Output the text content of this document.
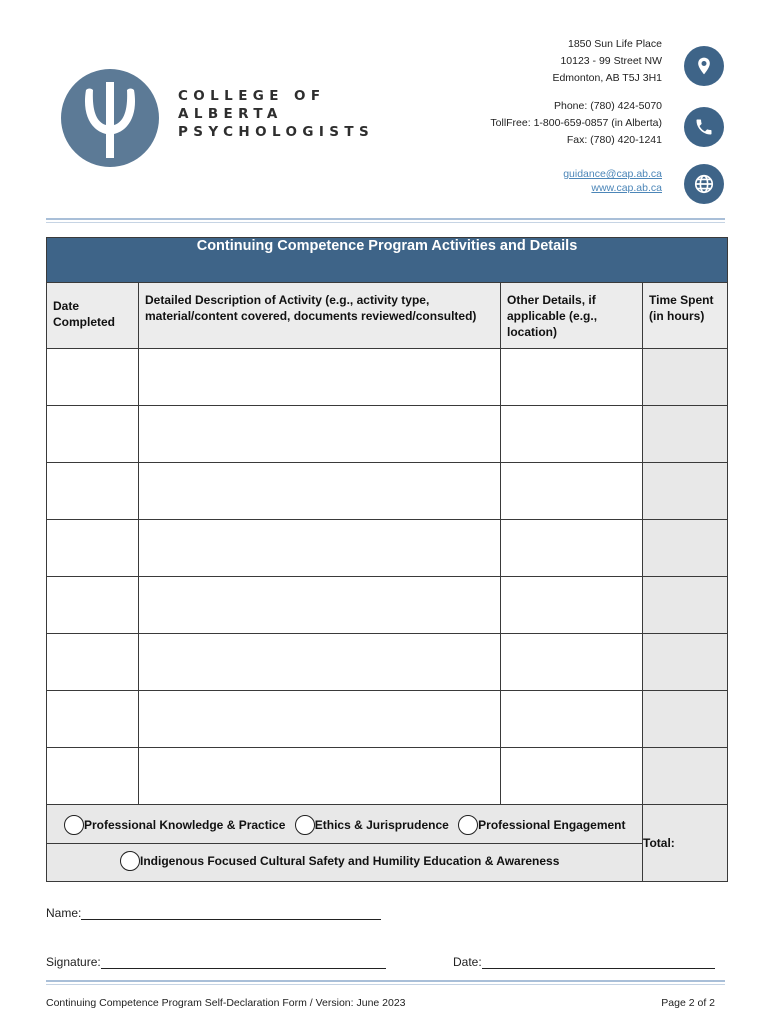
COLLEGE OF
ALBERTA
PSYCHOLOGISTS
1850 Sun Life Place
10123 - 99 Street NW
Edmonton, AB T5J 3H1
Phone: (780) 424-5070
TollFree: 1-800-659-0857 (in Alberta)
Fax: (780) 420-1241
guidance@cap.ab.ca
www.cap.ab.ca
Continuing Competence Program Activities and Details			
Date Completed	Detailed Description of Activity (e.g., activity type, material/content covered, documents reviewed/consulted)	Other Details, if applicable (e.g., location)	Time Spent (in hours)

Professional Knowledge & Practice
Ethics & Jurisprudence
Professional Engagement			Total:

Indigenous Focused Cultural Safety and Humility Education & Awareness			
Name:
Signature:	Date:
Continuing Competence Program Self-Declaration Form / Version: June 2023	Page 2 of 2
